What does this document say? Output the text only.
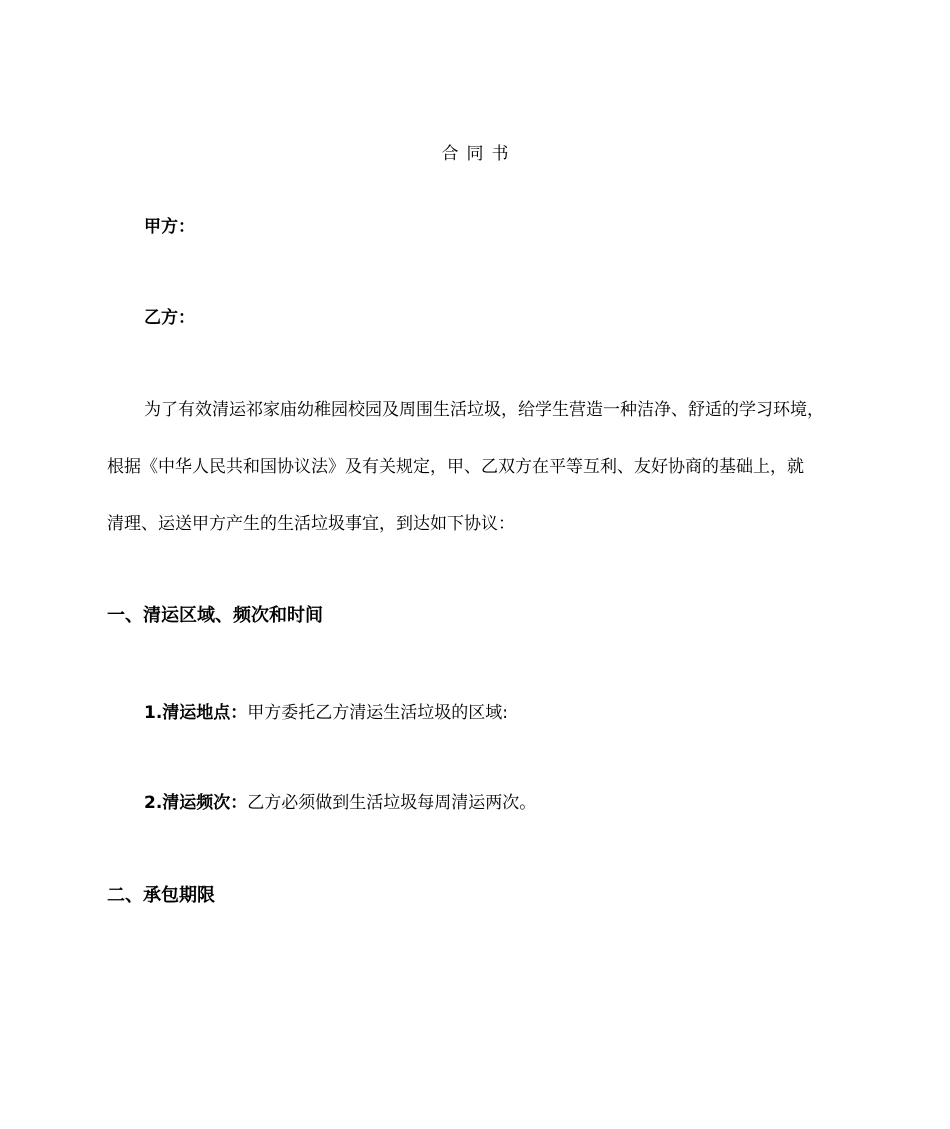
合同书
甲方：
乙方：
为了有效清运祁家庙幼稚园校园及周围生活垃圾，给学生营造一种洁净、舒适的学习环境，
根据《中华人民共和国协议法》及有关规定，甲、乙双方在平等互利、友好协商的基础上，就
清理、运送甲方产生的生活垃圾事宜，到达如下协议：
一、清运区域、频次和时间
1.清运地点：甲方委托乙方清运生活垃圾的区域:
2.清运频次：乙方必须做到生活垃圾每周清运两次。
二、承包期限
